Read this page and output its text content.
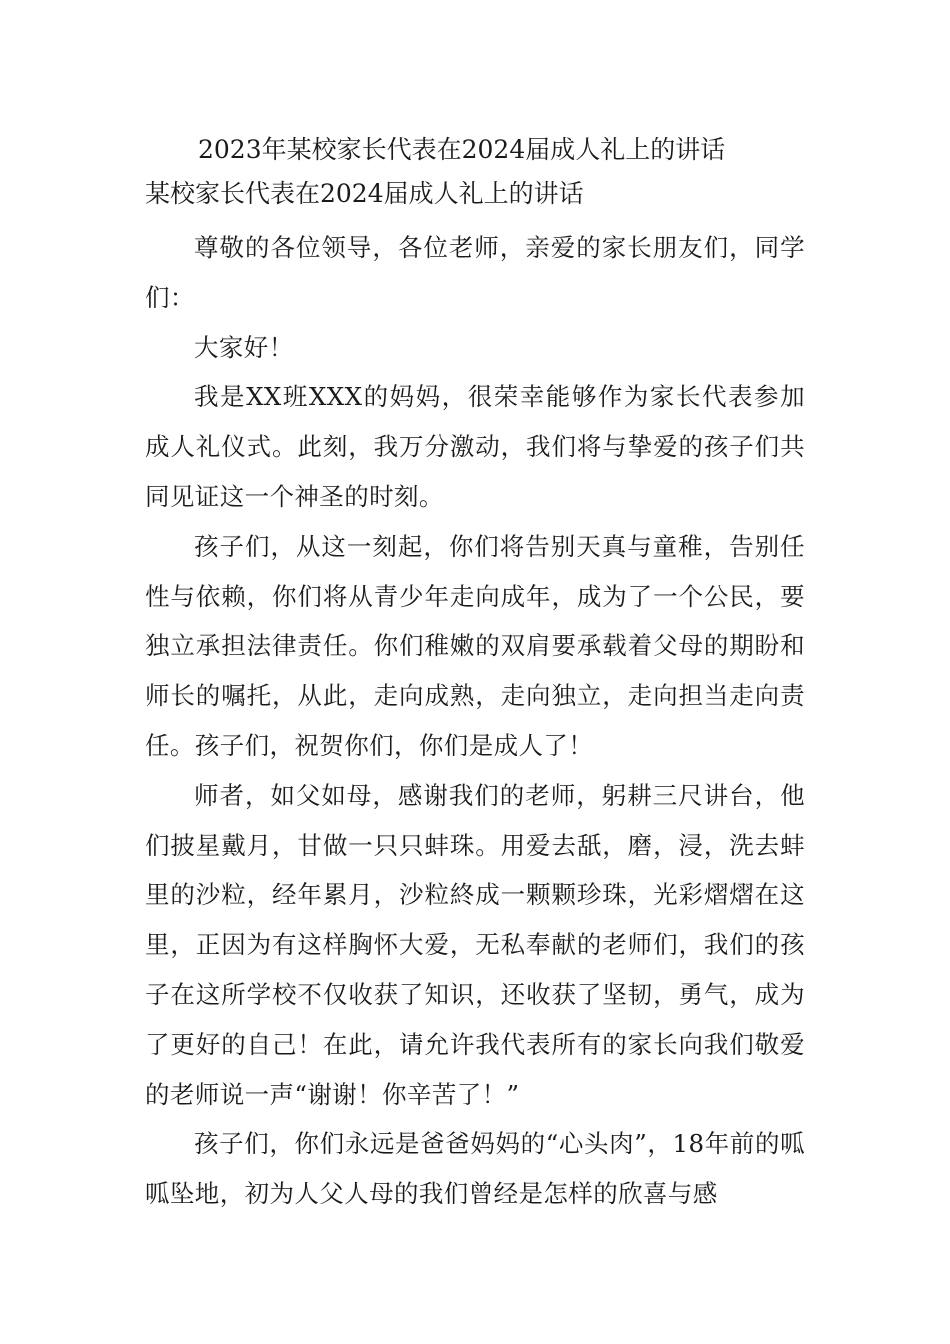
2023年某校家长代表在2024届成人礼上的讲话
某校家长代表在2024届成人礼上的讲话

尊敬的各位领导，各位老师，亲爱的家长朋友们，同学们：

大家好！

我是XX班XXX的妈妈，很荣幸能够作为家长代表参加成人礼仪式。此刻，我万分激动，我们将与挚爱的孩子们共同见证这一个神圣的时刻。

孩子们，从这一刻起，你们将告别天真与童稚，告别任性与依赖，你们将从青少年走向成年，成为了一个公民，要独立承担法律责任。你们稚嫩的双肩要承载着父母的期盼和师长的嘱托，从此，走向成熟，走向独立，走向担当走向责任。孩子们，祝贺你们，你们是成人了！

师者，如父如母，感谢我们的老师，躬耕三尺讲台，他们披星戴月，甘做一只只蚌珠。用爱去舐，磨，浸，洗去蚌里的沙粒，经年累月，沙粒終成一颗颗珍珠，光彩熠熠在这里，正因为有这样胸怀大爱，无私奉献的老师们，我们的孩子在这所学校不仅收获了知识，还收获了坚韧，勇气，成为了更好的自己！在此，请允许我代表所有的家长向我们敬爱的老师说一声“谢谢！你辛苦了！”

孩子们，你们永远是爸爸妈妈的“心头肉”，18年前的呱呱坠地，初为人父人母的我们曾经是怎样的欣喜与感
